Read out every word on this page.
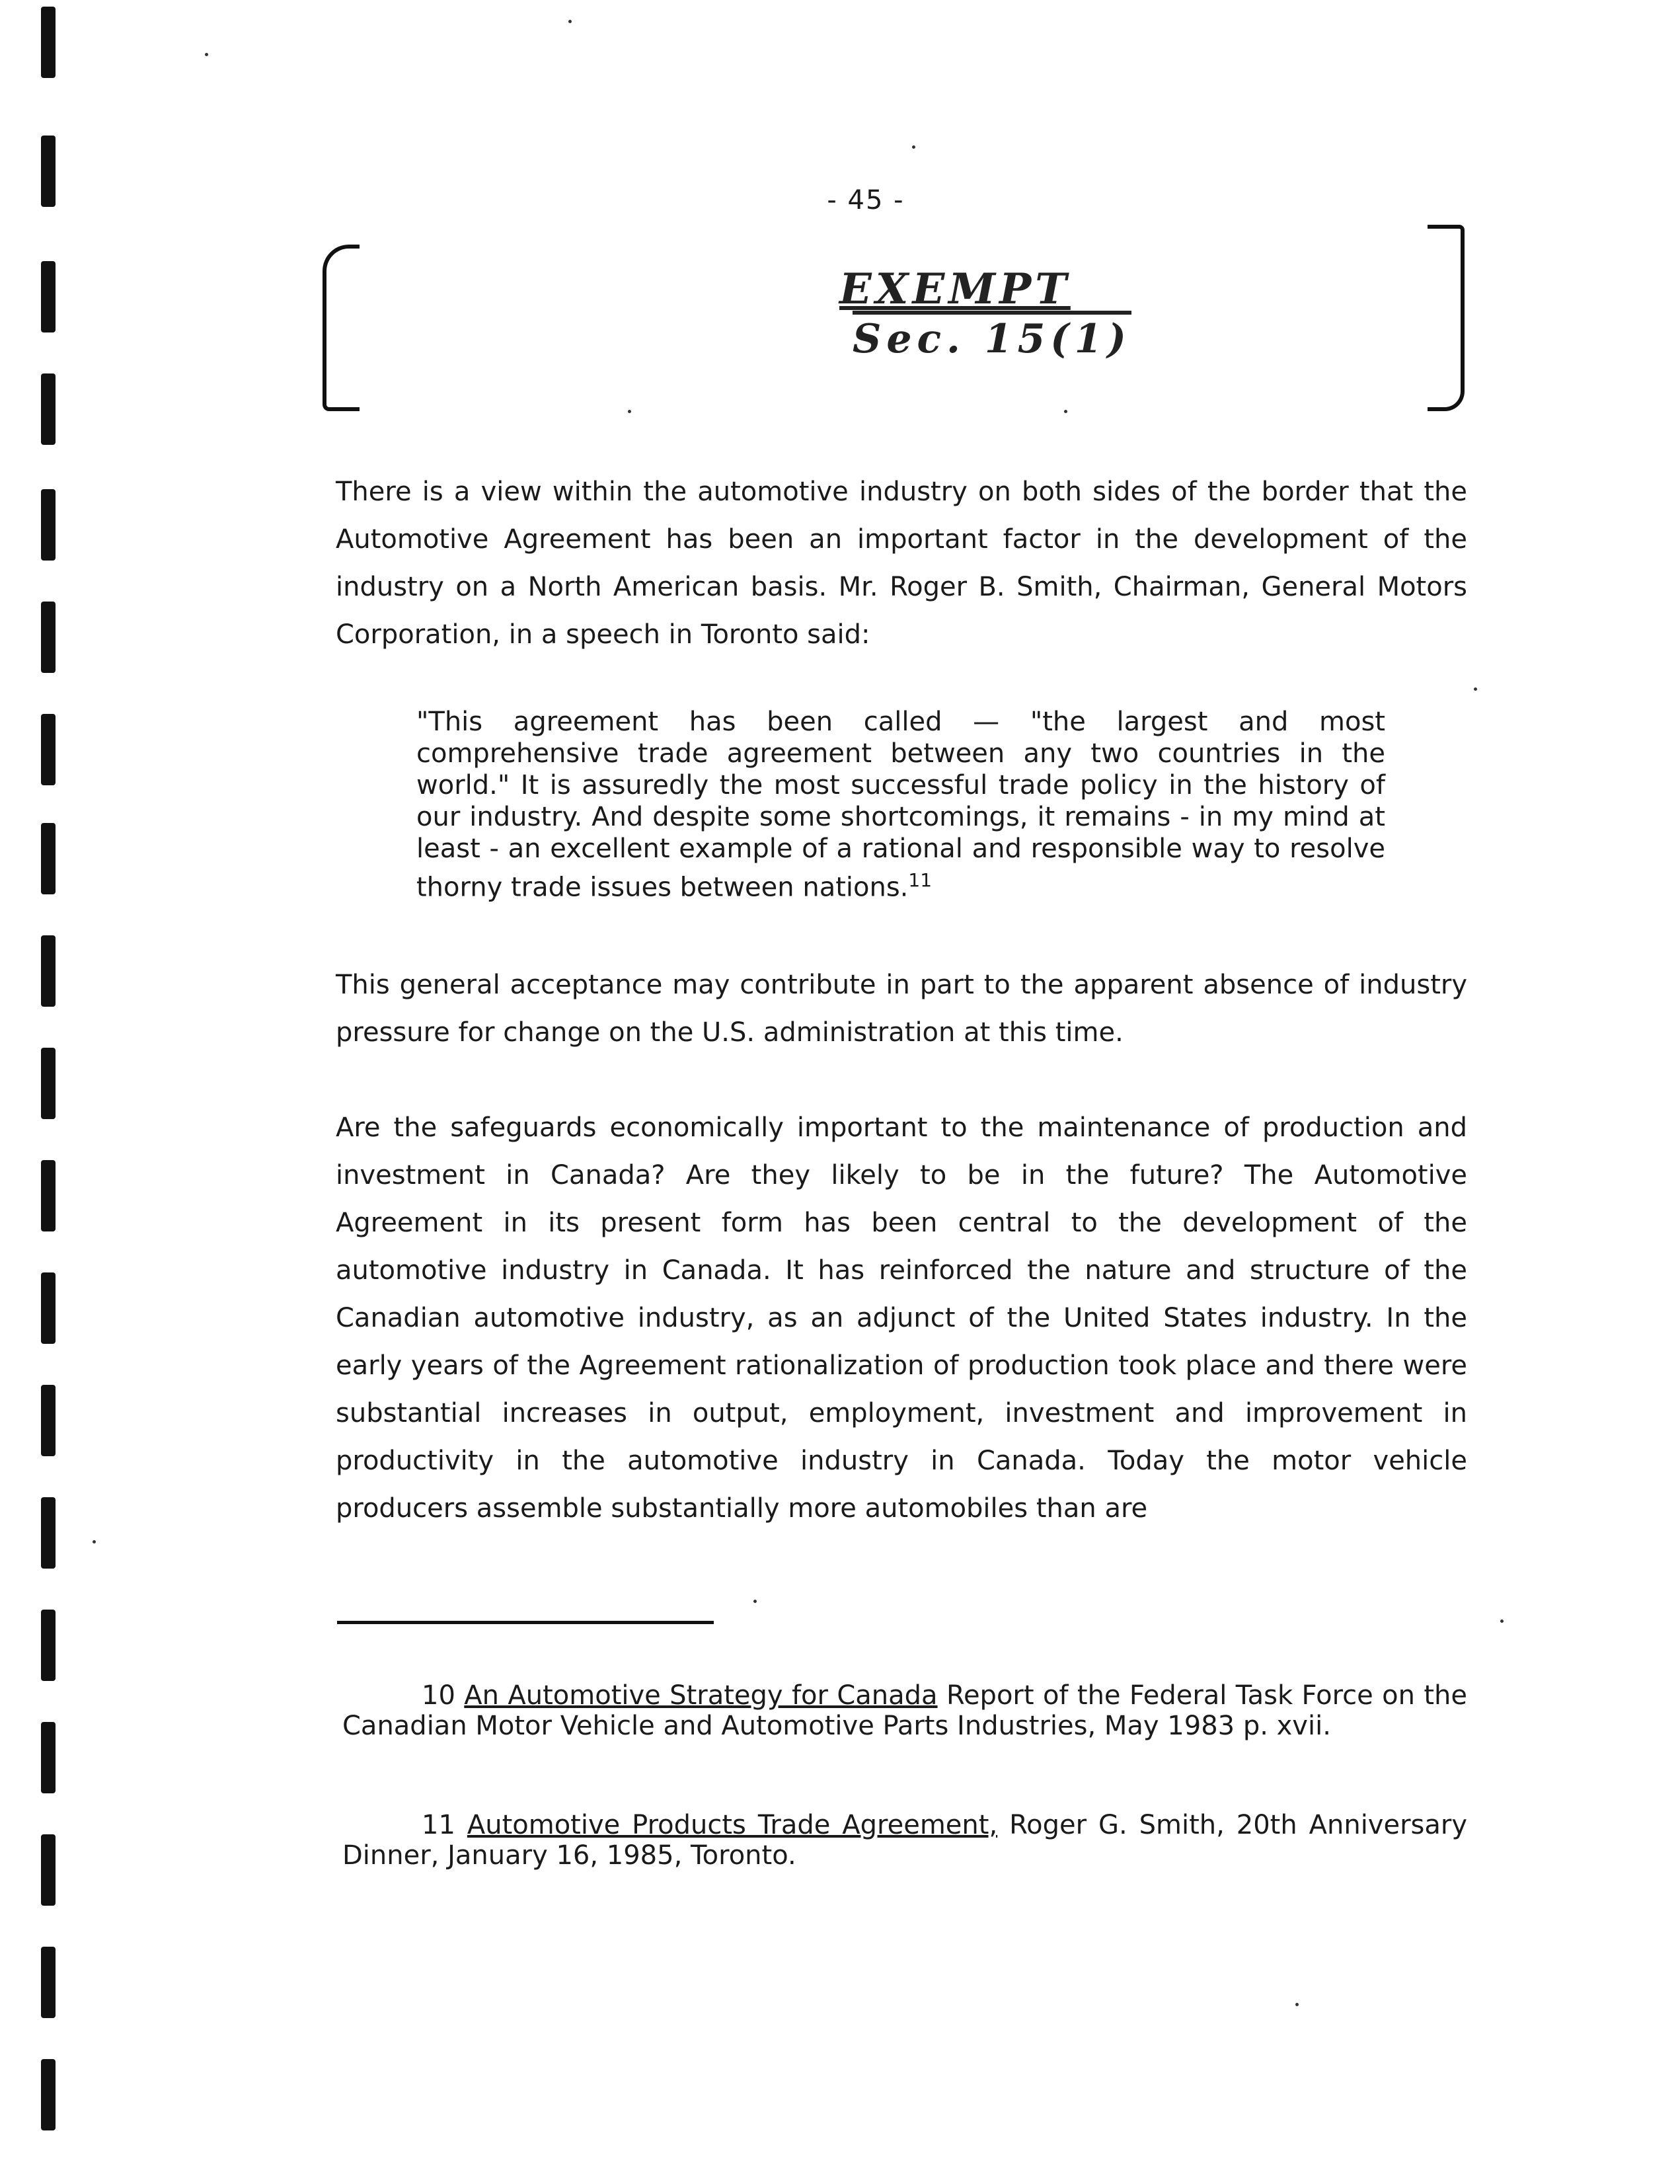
- 45 -
EXEMPT
Sec. 15(1)

There is a view within the automotive industry on both sides of the border that the Automotive Agreement has been an important factor in the development of the industry on a North American basis. Mr. Roger B. Smith, Chairman, General Motors Corporation, in a speech in Toronto said:

"This agreement has been called — "the largest and most comprehensive trade agreement between any two countries in the world." It is assuredly the most successful trade policy in the history of our industry. And despite some shortcomings, it remains - in my mind at least - an excellent example of a rational and responsible way to resolve thorny trade issues between nations.$^{11}$

This general acceptance may contribute in part to the apparent absence of industry pressure for change on the U.S. administration at this time.

Are the safeguards economically important to the maintenance of production and investment in Canada? Are they likely to be in the future? The Automotive Agreement in its present form has been central to the development of the automotive industry in Canada. It has reinforced the nature and structure of the Canadian automotive industry, as an adjunct of the United States industry. In the early years of the Agreement rationalization of production took place and there were substantial increases in output, employment, investment and improvement in productivity in the automotive industry in Canada. Today the motor vehicle producers assemble substantially more automobiles than are

10 An Automotive Strategy for Canada Report of the Federal Task Force on the Canadian Motor Vehicle and Automotive Parts Industries, May 1983 p. xvii.

11 Automotive Products Trade Agreement, Roger G. Smith, 20th Anniversary Dinner, January 16, 1985, Toronto.
